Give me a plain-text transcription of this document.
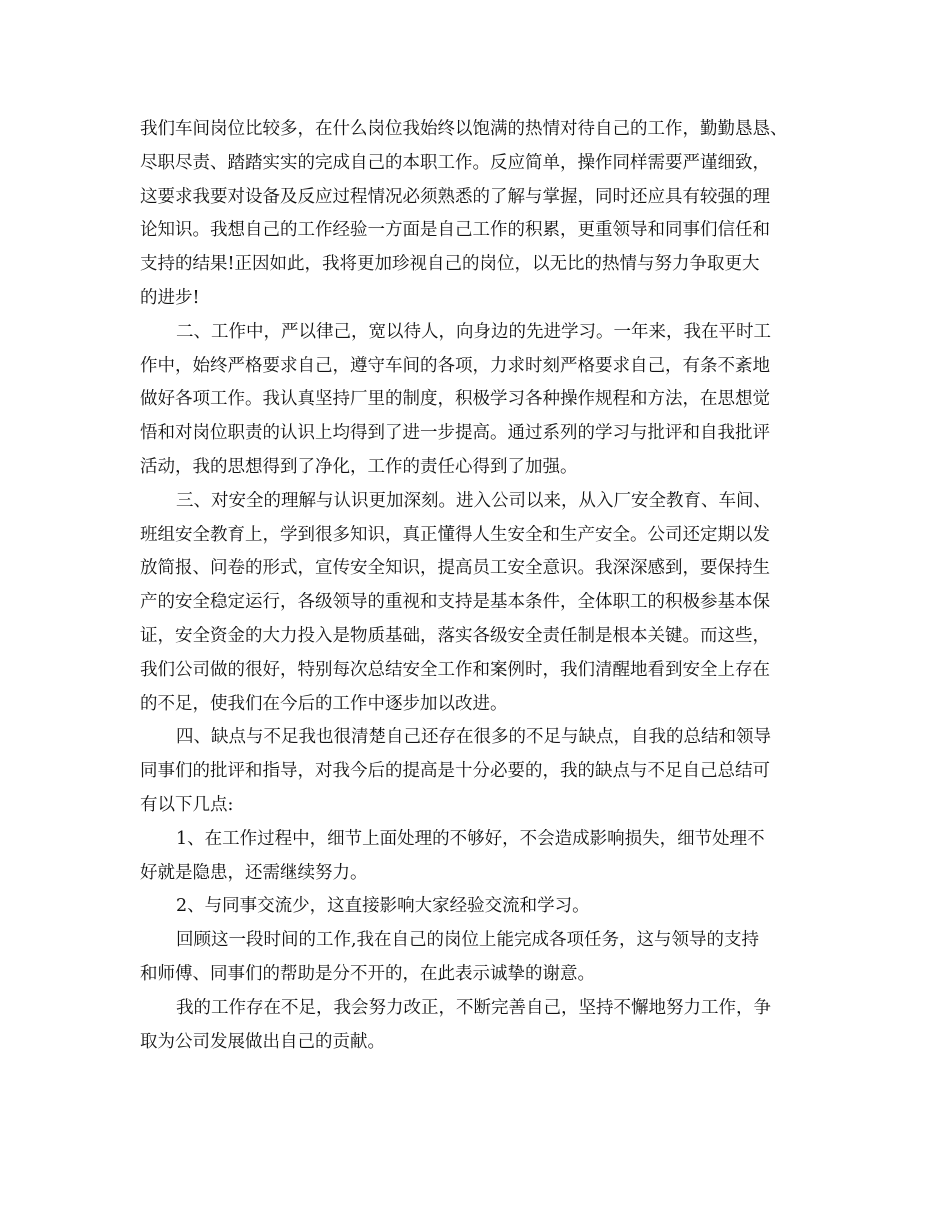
我们车间岗位比较多，在什么岗位我始终以饱满的热情对待自己的工作，勤勤恳恳、
尽职尽责、踏踏实实的完成自己的本职工作。反应简单，操作同样需要严谨细致，
这要求我要对设备及反应过程情况必须熟悉的了解与掌握，同时还应具有较强的理
论知识。我想自己的工作经验一方面是自己工作的积累，更重领导和同事们信任和
支持的结果!正因如此，我将更加珍视自己的岗位，以无比的热情与努力争取更大
的进步!
二、工作中，严以律己，宽以待人，向身边的先进学习。一年来，我在平时工
作中，始终严格要求自己，遵守车间的各项，力求时刻严格要求自己，有条不紊地
做好各项工作。我认真坚持厂里的制度，积极学习各种操作规程和方法，在思想觉
悟和对岗位职责的认识上均得到了进一步提高。通过系列的学习与批评和自我批评
活动，我的思想得到了净化，工作的责任心得到了加强。
三、对安全的理解与认识更加深刻。进入公司以来，从入厂安全教育、车间、
班组安全教育上，学到很多知识，真正懂得人生安全和生产安全。公司还定期以发
放简报、问卷的形式，宣传安全知识，提高员工安全意识。我深深感到，要保持生
产的安全稳定运行，各级领导的重视和支持是基本条件，全体职工的积极参基本保
证，安全资金的大力投入是物质基础，落实各级安全责任制是根本关键。而这些，
我们公司做的很好，特别每次总结安全工作和案例时，我们清醒地看到安全上存在
的不足，使我们在今后的工作中逐步加以改进。
四、缺点与不足我也很清楚自己还存在很多的不足与缺点，自我的总结和领导
同事们的批评和指导，对我今后的提高是十分必要的，我的缺点与不足自己总结可
有以下几点:
1、在工作过程中，细节上面处理的不够好，不会造成影响损失，细节处理不
好就是隐患，还需继续努力。
2、与同事交流少，这直接影响大家经验交流和学习。
回顾这一段时间的工作,我在自己的岗位上能完成各项任务，这与领导的支持
和师傅、同事们的帮助是分不开的，在此表示诚挚的谢意。
我的工作存在不足，我会努力改正，不断完善自己，坚持不懈地努力工作，争
取为公司发展做出自己的贡献。
